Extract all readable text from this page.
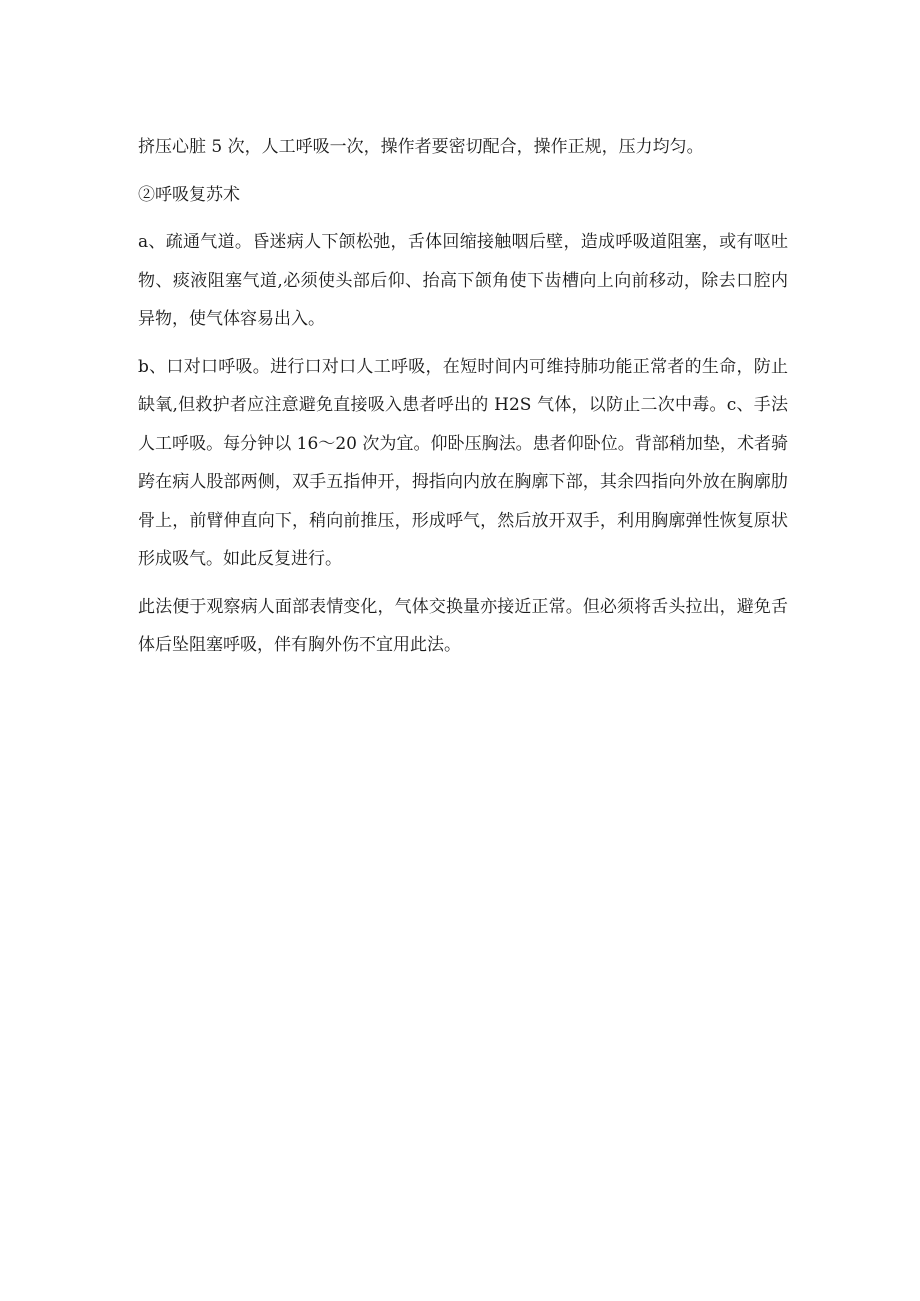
挤压心脏 5 次，人工呼吸一次，操作者要密切配合，操作正规，压力均匀。

②呼吸复苏术

a、疏通气道。昏迷病人下颌松弛，舌体回缩接触咽后壁，造成呼吸道阻塞，或有呕吐物、痰液阻塞气道,必须使头部后仰、抬高下颌角使下齿槽向上向前移动，除去口腔内异物，使气体容易出入。

b、口对口呼吸。进行口对口人工呼吸，在短时间内可维持肺功能正常者的生命，防止缺氧,但救护者应注意避免直接吸入患者呼出的 H2S 气体，以防止二次中毒。c、手法人工呼吸。每分钟以 16～20 次为宜。仰卧压胸法。患者仰卧位。背部稍加垫，术者骑跨在病人股部两侧，双手五指伸开，拇指向内放在胸廓下部，其余四指向外放在胸廓肋骨上，前臂伸直向下，稍向前推压，形成呼气，然后放开双手，利用胸廓弹性恢复原状形成吸气。如此反复进行。

此法便于观察病人面部表情变化，气体交换量亦接近正常。但必须将舌头拉出，避免舌体后坠阻塞呼吸，伴有胸外伤不宜用此法。
